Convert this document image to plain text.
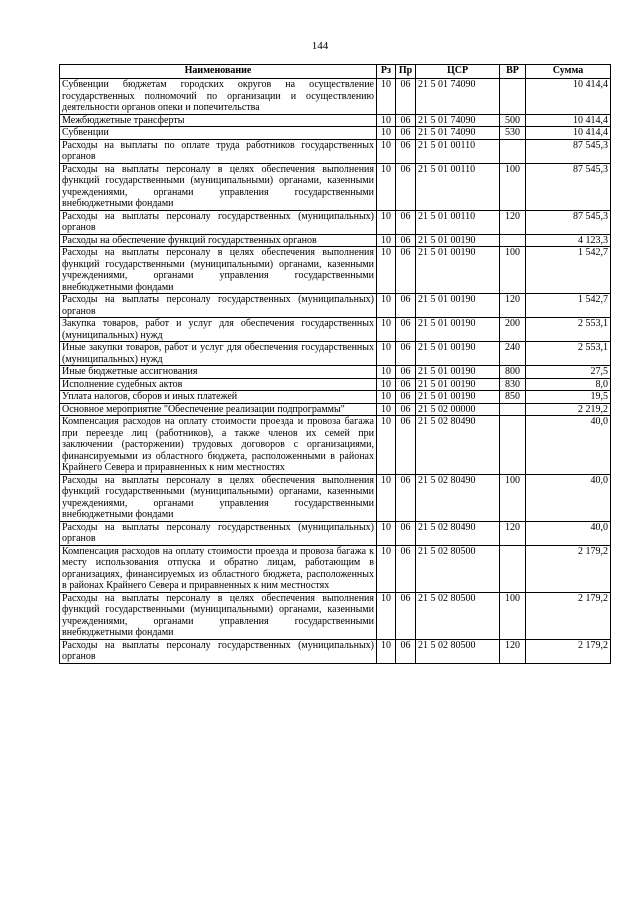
144
Наименование	Рз	Пр	ЦСР	ВР	Сумма
Субвенции бюджетам городских округов на осуществление государственных полномочий по организации и осуществлению деятельности органов опеки и попечительства	10	06	21 5 01 74090		10 414,4
Межбюджетные трансферты	10	06	21 5 01 74090	500	10 414,4
Субвенции	10	06	21 5 01 74090	530	10 414,4
Расходы на выплаты по оплате труда работников государственных органов	10	06	21 5 01 00110		87 545,3
Расходы на выплаты персоналу в целях обеспечения выполнения функций государственными (муниципальными) органами, казенными учреждениями, органами управления государственными внебюджетными фондами	10	06	21 5 01 00110	100	87 545,3
Расходы на выплаты персоналу государственных (муниципальных) органов	10	06	21 5 01 00110	120	87 545,3
Расходы на обеспечение функций государственных органов	10	06	21 5 01 00190		4 123,3
Расходы на выплаты персоналу в целях обеспечения выполнения функций государственными (муниципальными) органами, казенными учреждениями, органами управления государственными внебюджетными фондами	10	06	21 5 01 00190	100	1 542,7
Расходы на выплаты персоналу государственных (муниципальных) органов	10	06	21 5 01 00190	120	1 542,7
Закупка товаров, работ и услуг для обеспечения государственных (муниципальных) нужд	10	06	21 5 01 00190	200	2 553,1
Иные закупки товаров, работ и услуг для обеспечения государственных (муниципальных) нужд	10	06	21 5 01 00190	240	2 553,1
Иные бюджетные ассигнования	10	06	21 5 01 00190	800	27,5
Исполнение судебных актов	10	06	21 5 01 00190	830	8,0
Уплата налогов, сборов и иных платежей	10	06	21 5 01 00190	850	19,5
Основное мероприятие "Обеспечение реализации подпрограммы"	10	06	21 5 02 00000		2 219,2
Компенсация расходов на оплату стоимости проезда и провоза багажа при переезде лиц (работников), а также членов их семей при заключении (расторжении) трудовых договоров с организациями, финансируемыми из областного бюджета, расположенными в районах Крайнего Севера и приравненных к ним местностях	10	06	21 5 02 80490		40,0
Расходы на выплаты персоналу в целях обеспечения выполнения функций государственными (муниципальными) органами, казенными учреждениями, органами управления государственными внебюджетными фондами	10	06	21 5 02 80490	100	40,0
Расходы на выплаты персоналу государственных (муниципальных) органов	10	06	21 5 02 80490	120	40,0
Компенсация расходов на оплату стоимости проезда и провоза багажа к месту использования отпуска и обратно лицам, работающим в организациях, финансируемых из областного бюджета, расположенных в районах Крайнего Севера и приравненных к ним местностях	10	06	21 5 02 80500		2 179,2
Расходы на выплаты персоналу в целях обеспечения выполнения функций государственными (муниципальными) органами, казенными учреждениями, органами управления государственными внебюджетными фондами	10	06	21 5 02 80500	100	2 179,2
Расходы на выплаты персоналу государственных (муниципальных) органов	10	06	21 5 02 80500	120	2 179,2
